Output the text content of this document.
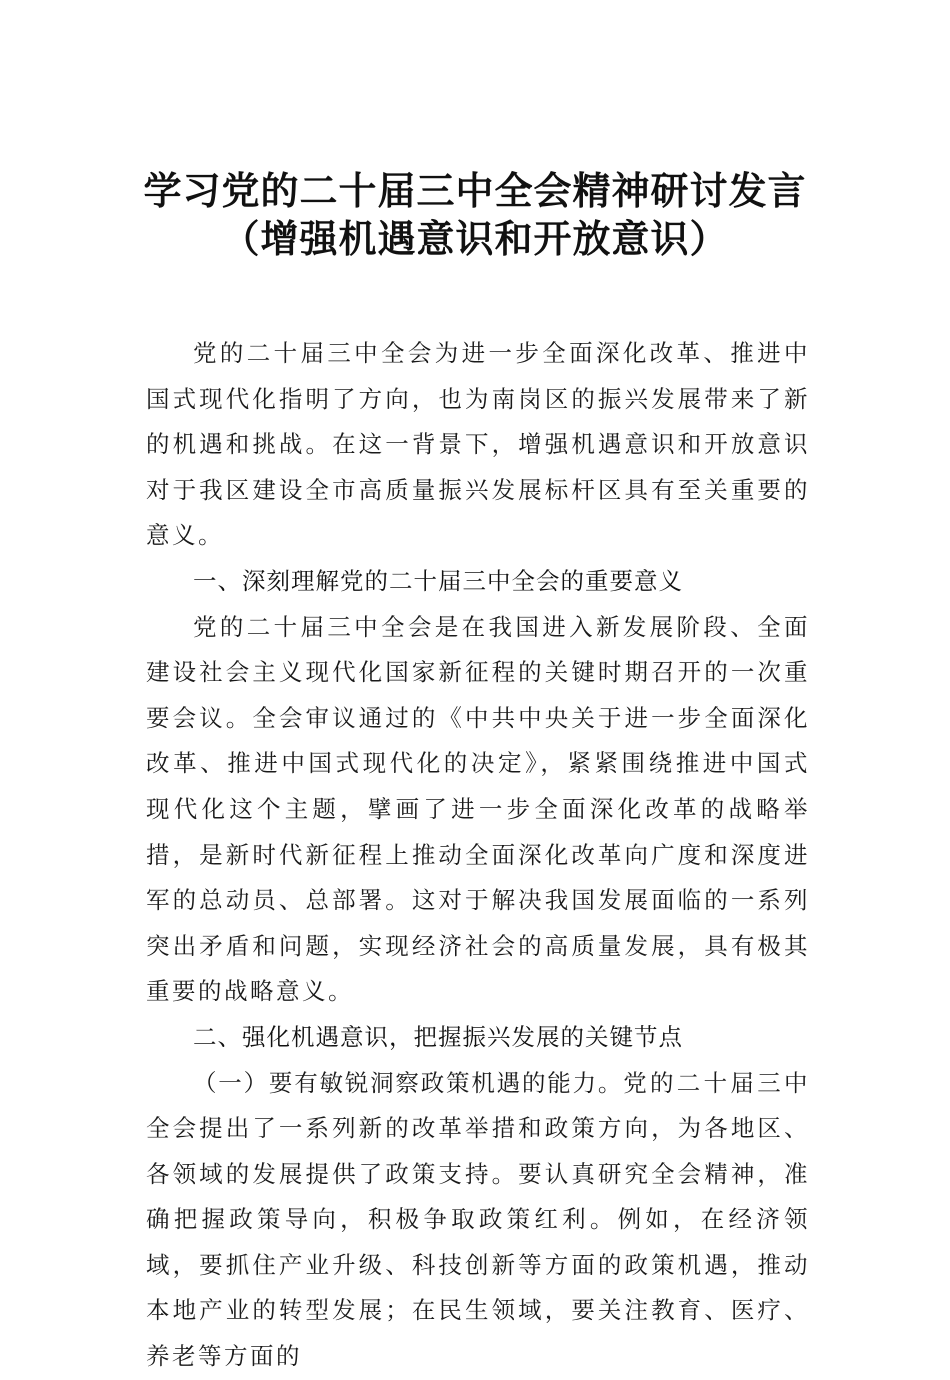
学习党的二十届三中全会精神研讨发言
（增强机遇意识和开放意识）

党的二十届三中全会为进一步全面深化改革、推进中国式现代化指明了方向，也为南岗区的振兴发展带来了新的机遇和挑战。在这一背景下，增强机遇意识和开放意识对于我区建设全市高质量振兴发展标杆区具有至关重要的意义。

一、深刻理解党的二十届三中全会的重要意义

党的二十届三中全会是在我国进入新发展阶段、全面建设社会主义现代化国家新征程的关键时期召开的一次重要会议。全会审议通过的《中共中央关于进一步全面深化改革、推进中国式现代化的决定》，紧紧围绕推进中国式现代化这个主题，擘画了进一步全面深化改革的战略举措，是新时代新征程上推动全面深化改革向广度和深度进军的总动员、总部署。这对于解决我国发展面临的一系列突出矛盾和问题，实现经济社会的高质量发展，具有极其重要的战略意义。

二、强化机遇意识，把握振兴发展的关键节点

（一）要有敏锐洞察政策机遇的能力。党的二十届三中全会提出了一系列新的改革举措和政策方向，为各地区、各领域的发展提供了政策支持。要认真研究全会精神，准确把握政策导向，积极争取政策红利。例如，在经济领域，要抓住产业升级、科技创新等方面的政策机遇，推动本地产业的转型发展；在民生领域，要关注教育、医疗、养老等方面的
